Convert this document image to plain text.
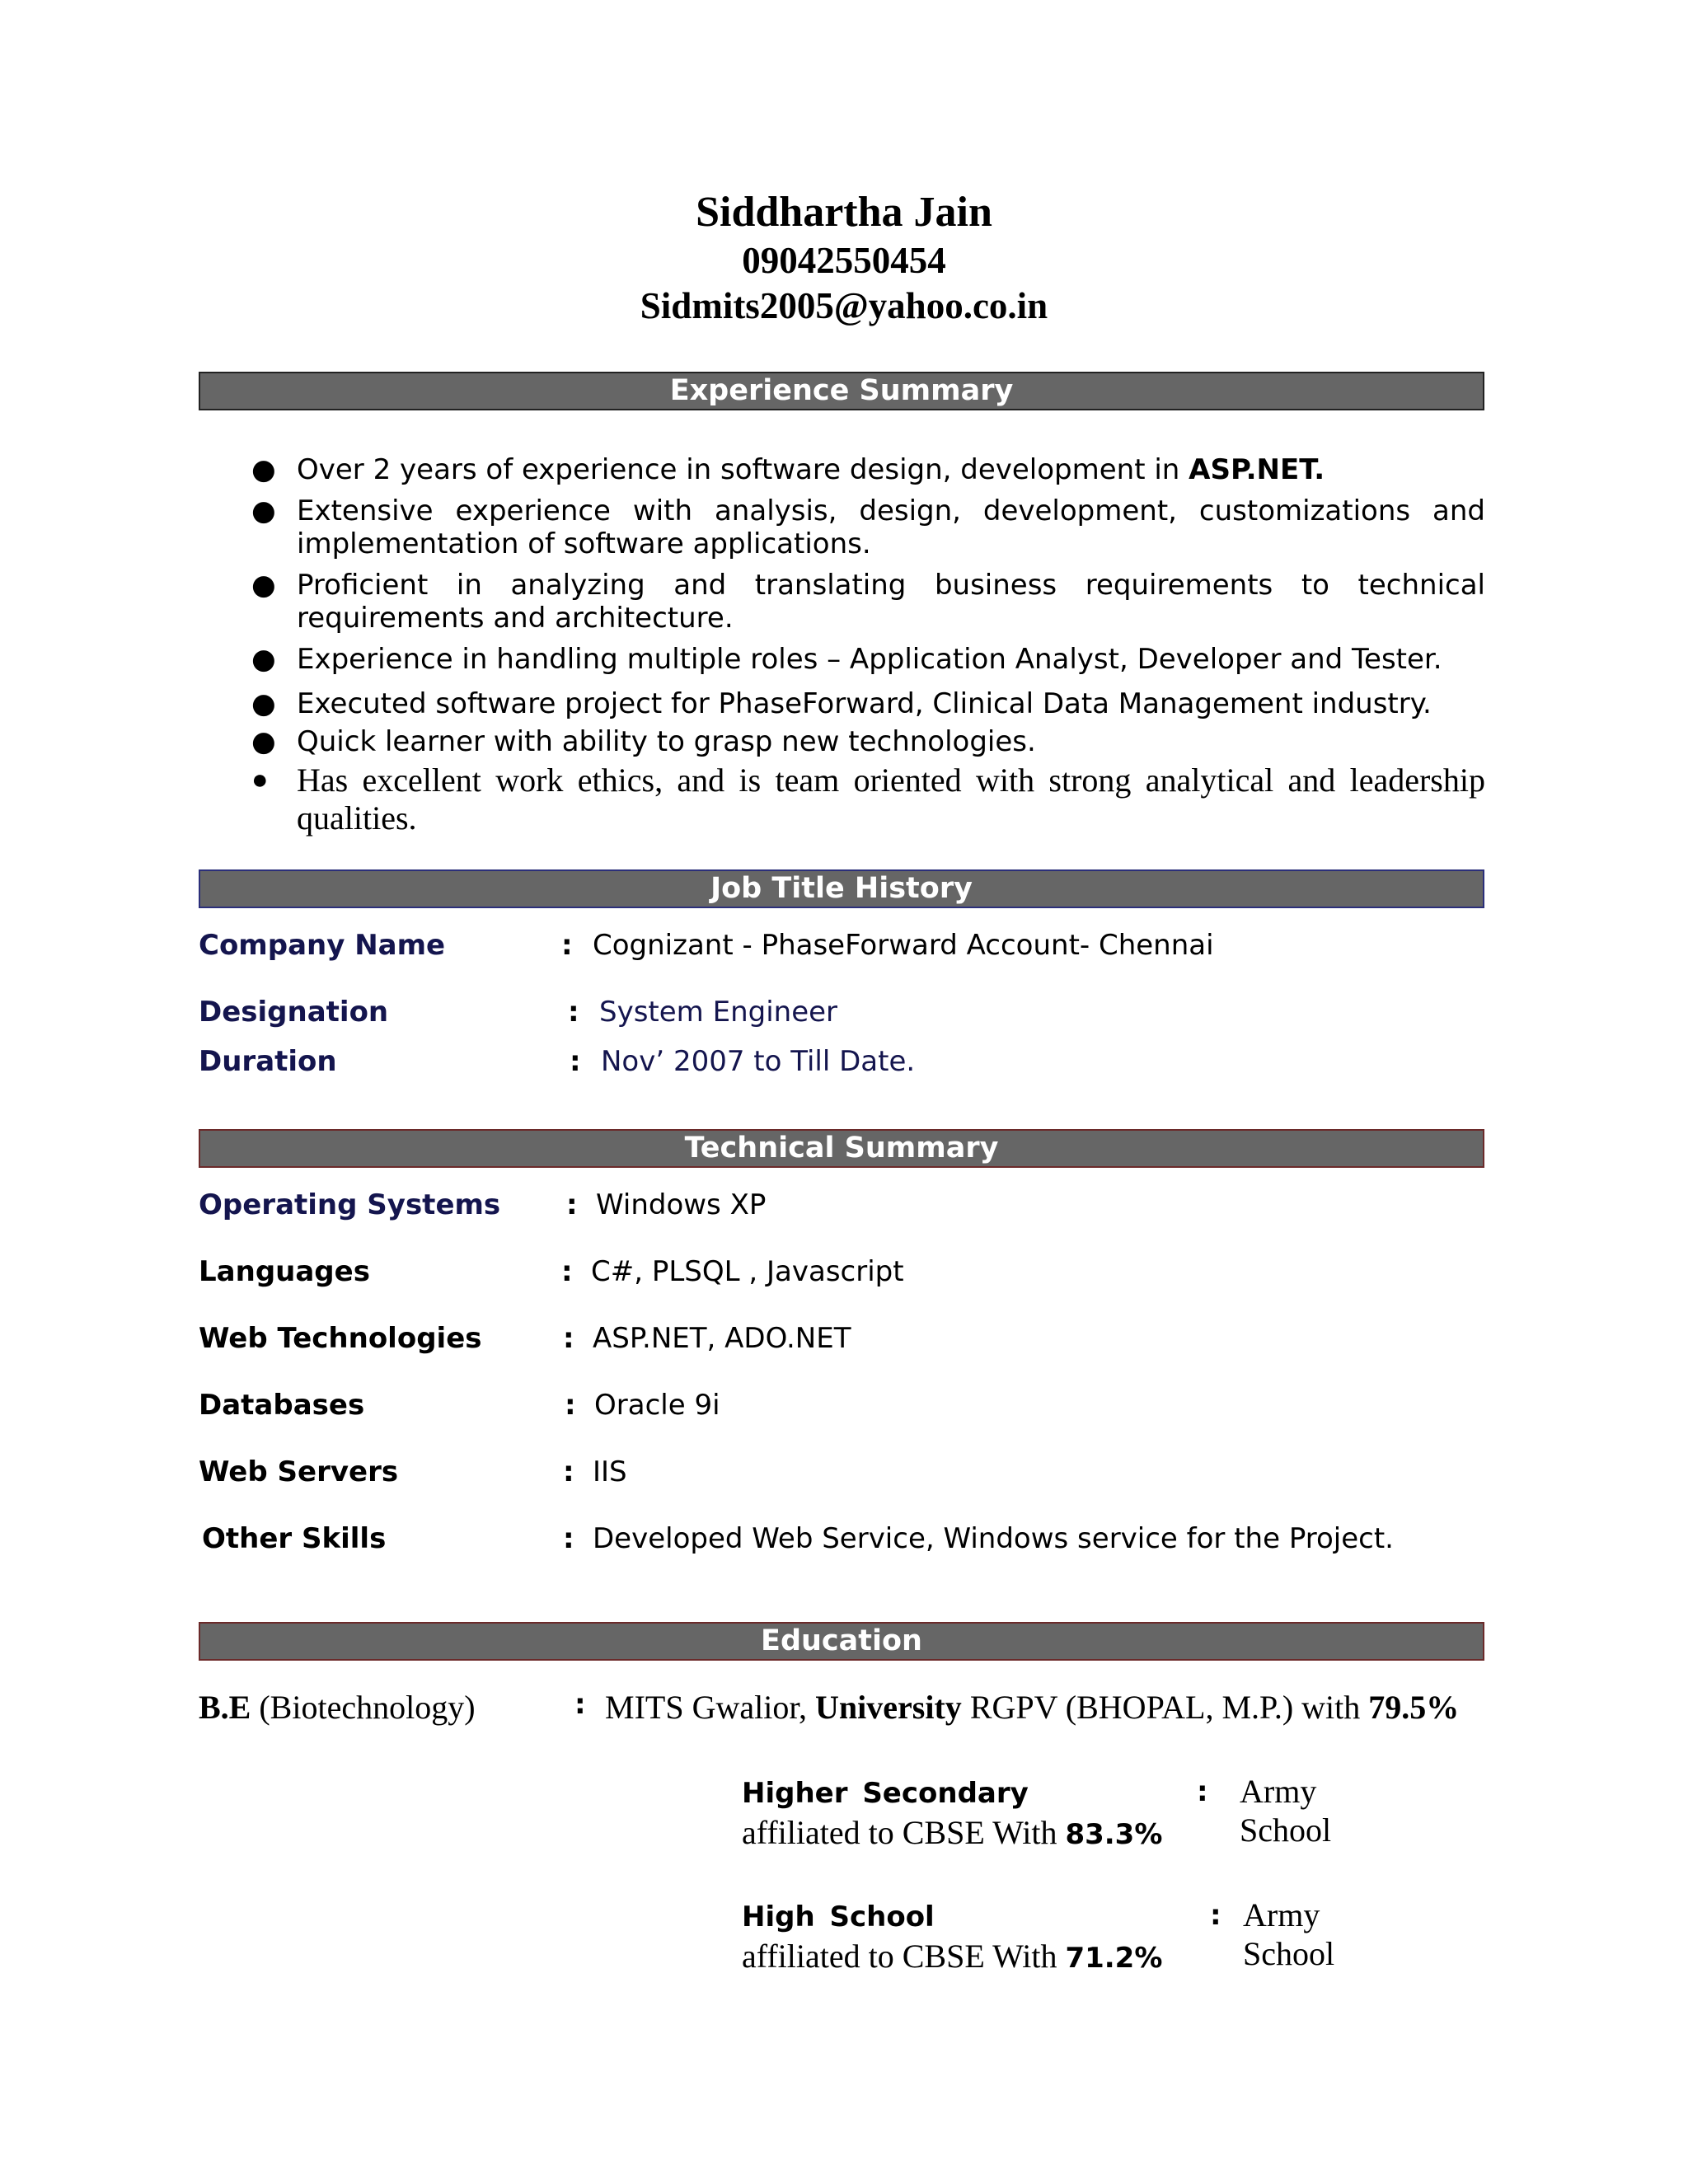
Siddhartha Jain
09042550454
Sidmits2005@yahoo.co.in
Experience Summary
● Over 2 years of experience in software design, development in ASP.NET.
● Extensive experience with analysis, design, development, customizations and implementation of software applications.
● Proficient in analyzing and translating business requirements to technical requirements and architecture.
● Experience in handling multiple roles – Application Analyst, Developer and Tester.
● Executed software project for PhaseForward, Clinical Data Management industry.
● Quick learner with ability to grasp new technologies.
● Has excellent work ethics, and is team oriented with strong analytical and leadership qualities.
Job Title History
Company Name	: Cognizant - PhaseForward Account- Chennai
Designation	: System Engineer
Duration	: Nov’ 2007 to Till Date.
Technical Summary
Operating Systems : Windows XP
Languages	: C#, PLSQL , Javascript
Web Technologies	: ASP.NET, ADO.NET
Databases	: Oracle 9i
Web Servers	: IIS
Other Skills	: Developed Web Service, Windows service for the Project.
Education
B.E (Biotechnology)	: MITS Gwalior, University RGPV (BHOPAL, M.P.) with 79.5%
Higher Secondary	: Army School
affiliated to CBSE With 83.3%
High School	: Army School
affiliated to CBSE With 71.2%
